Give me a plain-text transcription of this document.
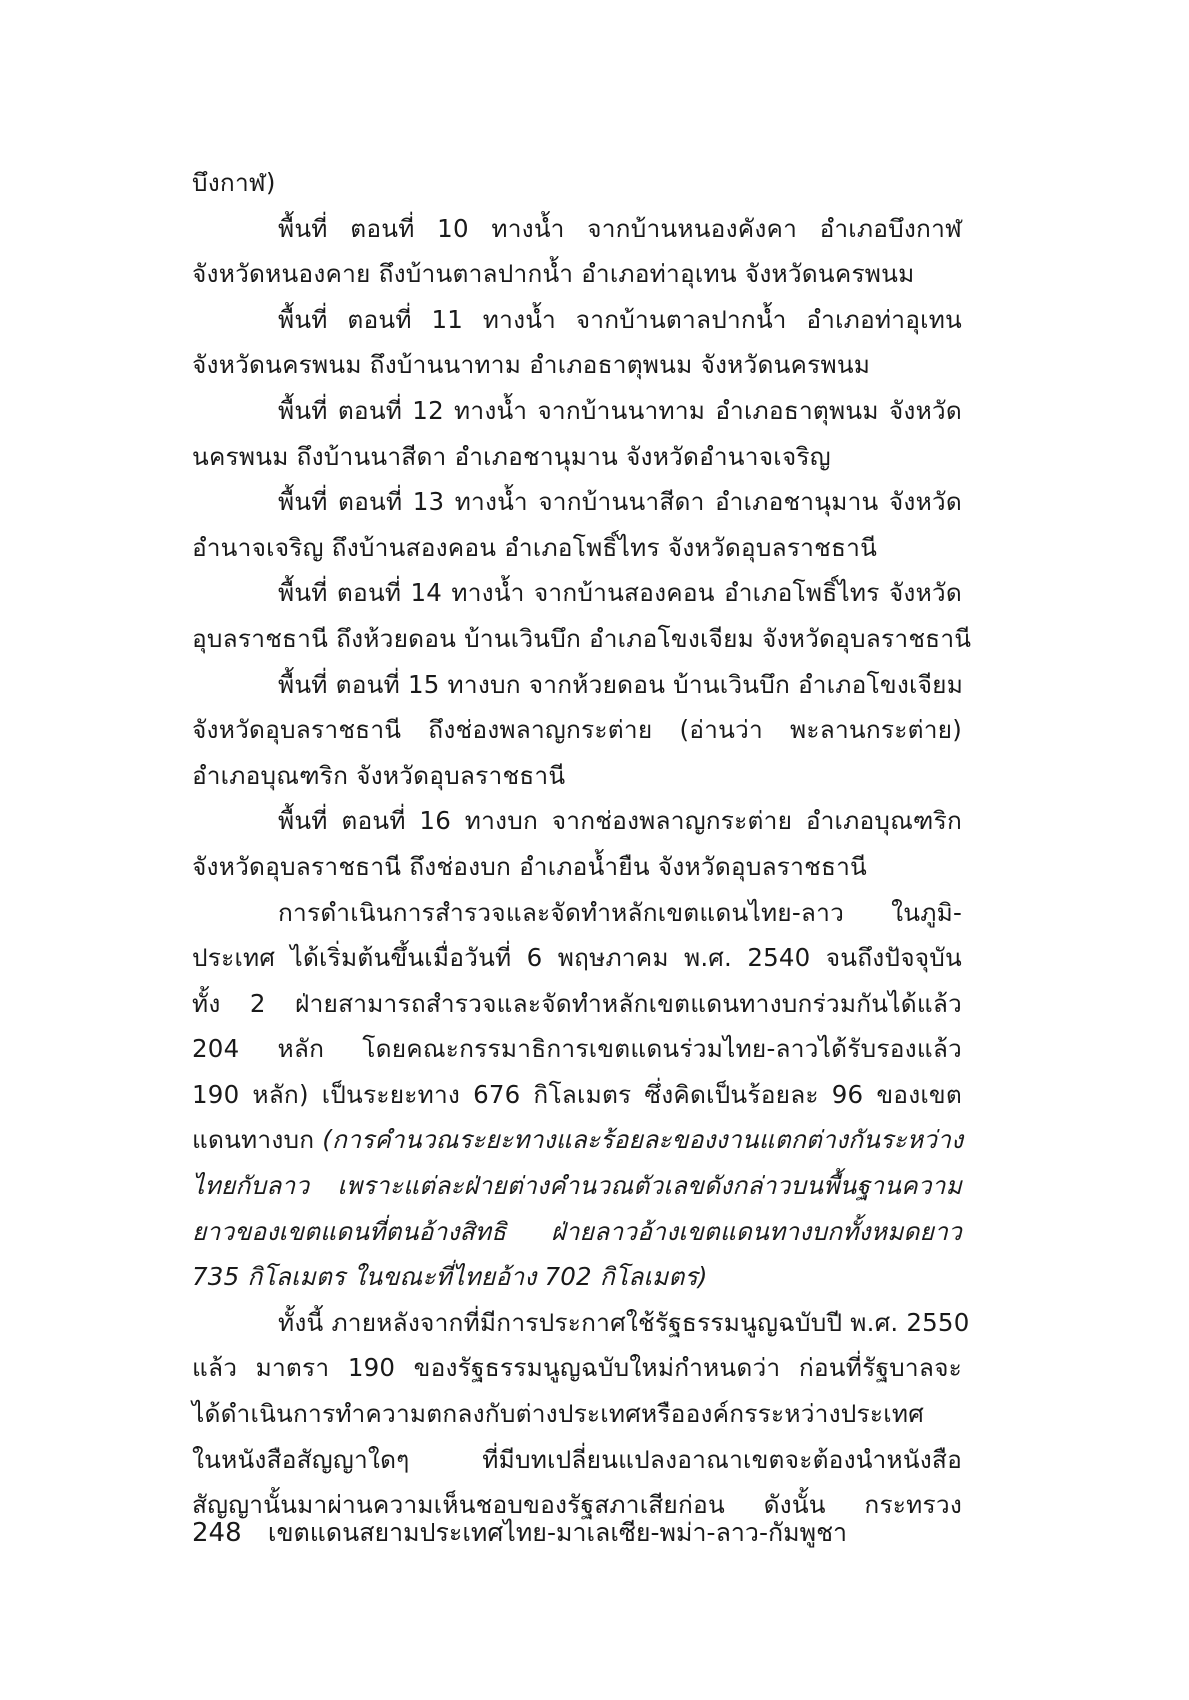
บึงกาฬ)
พื้นที่ ตอนที่ 10 ทางน้ำ จากบ้านหนองคังคา อำเภอบึงกาฬ
จังหวัดหนองคาย ถึงบ้านตาลปากน้ำ อำเภอท่าอุเทน จังหวัดนครพนม
พื้นที่ ตอนที่ 11 ทางน้ำ จากบ้านตาลปากน้ำ อำเภอท่าอุเทน
จังหวัดนครพนม ถึงบ้านนาทาม อำเภอธาตุพนม จังหวัดนครพนม
พื้นที่ ตอนที่ 12 ทางน้ำ จากบ้านนาทาม อำเภอธาตุพนม จังหวัด
นครพนม ถึงบ้านนาสีดา อำเภอชานุมาน จังหวัดอำนาจเจริญ
พื้นที่ ตอนที่ 13 ทางน้ำ จากบ้านนาสีดา อำเภอชานุมาน จังหวัด
อำนาจเจริญ ถึงบ้านสองคอน อำเภอโพธิ์ไทร จังหวัดอุบลราชธานี
พื้นที่ ตอนที่ 14 ทางน้ำ จากบ้านสองคอน อำเภอโพธิ์ไทร จังหวัด
อุบลราชธานี ถึงห้วยดอน บ้านเวินบึก อำเภอโขงเจียม จังหวัดอุบลราชธานี
พื้นที่ ตอนที่ 15 ทางบก จากห้วยดอน บ้านเวินบึก อำเภอโขงเจียม
จังหวัดอุบลราชธานี ถึงช่องพลาญกระต่าย (อ่านว่า พะลานกระต่าย)
อำเภอบุณฑริก จังหวัดอุบลราชธานี
พื้นที่ ตอนที่ 16 ทางบก จากช่องพลาญกระต่าย อำเภอบุณฑริก
จังหวัดอุบลราชธานี ถึงช่องบก อำเภอน้ำยืน จังหวัดอุบลราชธานี
การดำเนินการสำรวจและจัดทำหลักเขตแดนไทย-ลาว ในภูมิ-
ประเทศ ได้เริ่มต้นขึ้นเมื่อวันที่ 6 พฤษภาคม พ.ศ. 2540 จนถึงปัจจุบัน
ทั้ง 2 ฝ่ายสามารถสำรวจและจัดทำหลักเขตแดนทางบกร่วมกันได้แล้ว
204 หลัก โดยคณะกรรมาธิการเขตแดนร่วมไทย-ลาวได้รับรองแล้ว
190 หลัก) เป็นระยะทาง 676 กิโลเมตร ซึ่งคิดเป็นร้อยละ 96 ของเขต
แดนทางบก (การคำนวณระยะทางและร้อยละของงานแตกต่างกันระหว่าง
ไทยกับลาว เพราะแต่ละฝ่ายต่างคำนวณตัวเลขดังกล่าวบนพื้นฐานความ
ยาวของเขตแดนที่ตนอ้างสิทธิ ฝ่ายลาวอ้างเขตแดนทางบกทั้งหมดยาว
735 กิโลเมตร ในขณะที่ไทยอ้าง 702 กิโลเมตร)
ทั้งนี้ ภายหลังจากที่มีการประกาศใช้รัฐธรรมนูญฉบับปี พ.ศ. 2550
แล้ว มาตรา 190 ของรัฐธรรมนูญฉบับใหม่กำหนดว่า ก่อนที่รัฐบาลจะ
ได้ดำเนินการทำความตกลงกับต่างประเทศหรือองค์กรระหว่างประเทศ
ในหนังสือสัญญาใดๆ ที่มีบทเปลี่ยนแปลงอาณาเขตจะต้องนำหนังสือ
สัญญานั้นมาผ่านความเห็นชอบของรัฐสภาเสียก่อน ดังนั้น กระทรวง
248 เขตแดนสยามประเทศไทย-มาเลเซีย-พม่า-ลาว-กัมพูชา
